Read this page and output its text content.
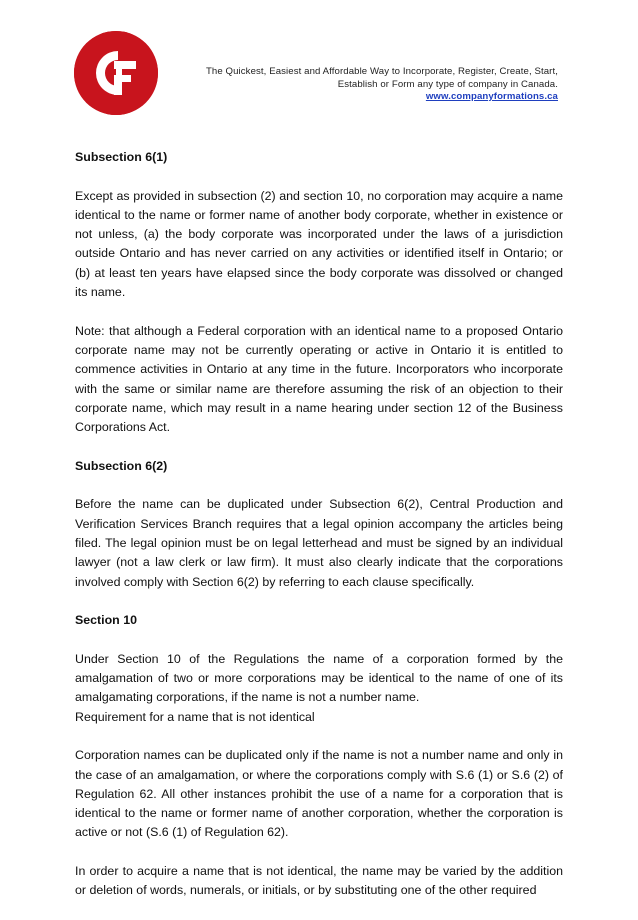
The Quickest, Easiest and Affordable Way to Incorporate, Register, Create, Start,
Establish or Form any type of company in Canada.
www.companyformations.ca
Subsection 6(1)
Except as provided in subsection (2) and section 10, no corporation may acquire a name identical to the name or former name of another body corporate, whether in existence or not unless, (a) the body corporate was incorporated under the laws of a jurisdiction outside Ontario and has never carried on any activities or identified itself in Ontario; or (b) at least ten years have elapsed since the body corporate was dissolved or changed its name.
Note: that although a Federal corporation with an identical name to a proposed Ontario corporate name may not be currently operating or active in Ontario it is entitled to commence activities in Ontario at any time in the future. Incorporators who incorporate with the same or similar name are therefore assuming the risk of an objection to their corporate name, which may result in a name hearing under section 12 of the Business Corporations Act.
Subsection 6(2)
Before the name can be duplicated under Subsection 6(2), Central Production and Verification Services Branch requires that a legal opinion accompany the articles being filed. The legal opinion must be on legal letterhead and must be signed by an individual lawyer (not a law clerk or law firm). It must also clearly indicate that the corporations involved comply with Section 6(2) by referring to each clause specifically.
Section 10
Under Section 10 of the Regulations the name of a corporation formed by the amalgamation of two or more corporations may be identical to the name of one of its amalgamating corporations, if the name is not a number name.
Requirement for a name that is not identical
Corporation names can be duplicated only if the name is not a number name and only in the case of an amalgamation, or where the corporations comply with S.6 (1) or S.6 (2) of Regulation 62. All other instances prohibit the use of a name for a corporation that is identical to the name or former name of another corporation, whether the corporation is active or not (S.6 (1) of Regulation 62).
In order to acquire a name that is not identical, the name may be varied by the addition or deletion of words, numerals, or initials, or by substituting one of the other required
